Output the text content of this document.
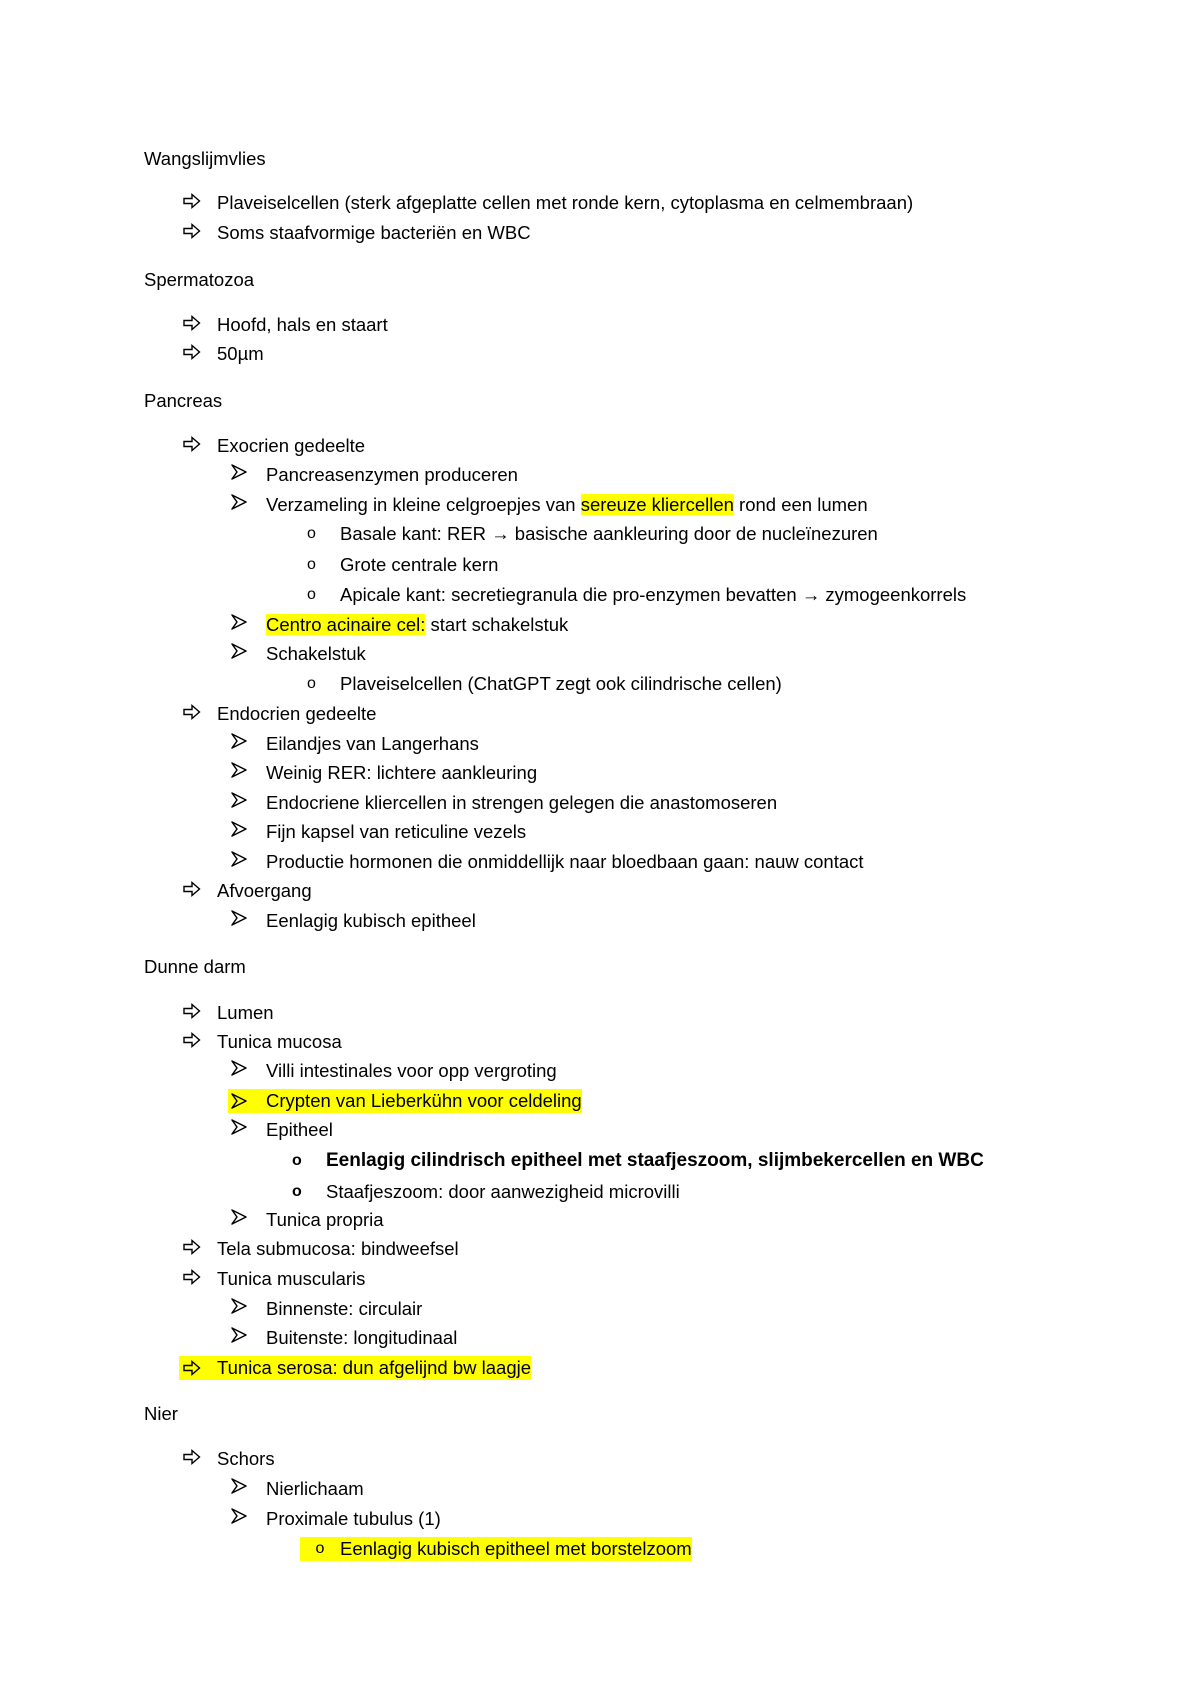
Wangslijmvlies
Plaveiselcellen (sterk afgeplatte cellen met ronde kern, cytoplasma en celmembraan)
Soms staafvormige bacteriën en WBC
Spermatozoa
Hoofd, hals en staart
50µm
Pancreas
Exocrien gedeelte
Pancreasenzymen produceren
Verzameling in kleine celgroepjes van sereuze kliercellen rond een lumen
o Basale kant: RER → basische aankleuring door de nucleïnezuren
o Grote centrale kern
o Apicale kant: secretiegranula die pro-enzymen bevatten → zymogeenkorrels
Centro acinaire cel: start schakelstuk
Schakelstuk
o Plaveiselcellen (ChatGPT zegt ook cilindrische cellen)
Endocrien gedeelte
Eilandjes van Langerhans
Weinig RER: lichtere aankleuring
Endocriene kliercellen in strengen gelegen die anastomoseren
Fijn kapsel van reticuline vezels
Productie hormonen die onmiddellijk naar bloedbaan gaan: nauw contact
Afvoergang
Eenlagig kubisch epitheel
Dunne darm
Lumen
Tunica mucosa
Villi intestinales voor opp vergroting
Crypten van Lieberkühn voor celdeling
Epitheel
o Eenlagig cilindrisch epitheel met staafjeszoom, slijmbekercellen en WBC
o Staafjeszoom: door aanwezigheid microvilli
Tunica propria
Tela submucosa: bindweefsel
Tunica muscularis
Binnenste: circulair
Buitenste: longitudinaal
Tunica serosa: dun afgelijnd bw laagje
Nier
Schors
Nierlichaam
Proximale tubulus (1)
o Eenlagig kubisch epitheel met borstelzoom
